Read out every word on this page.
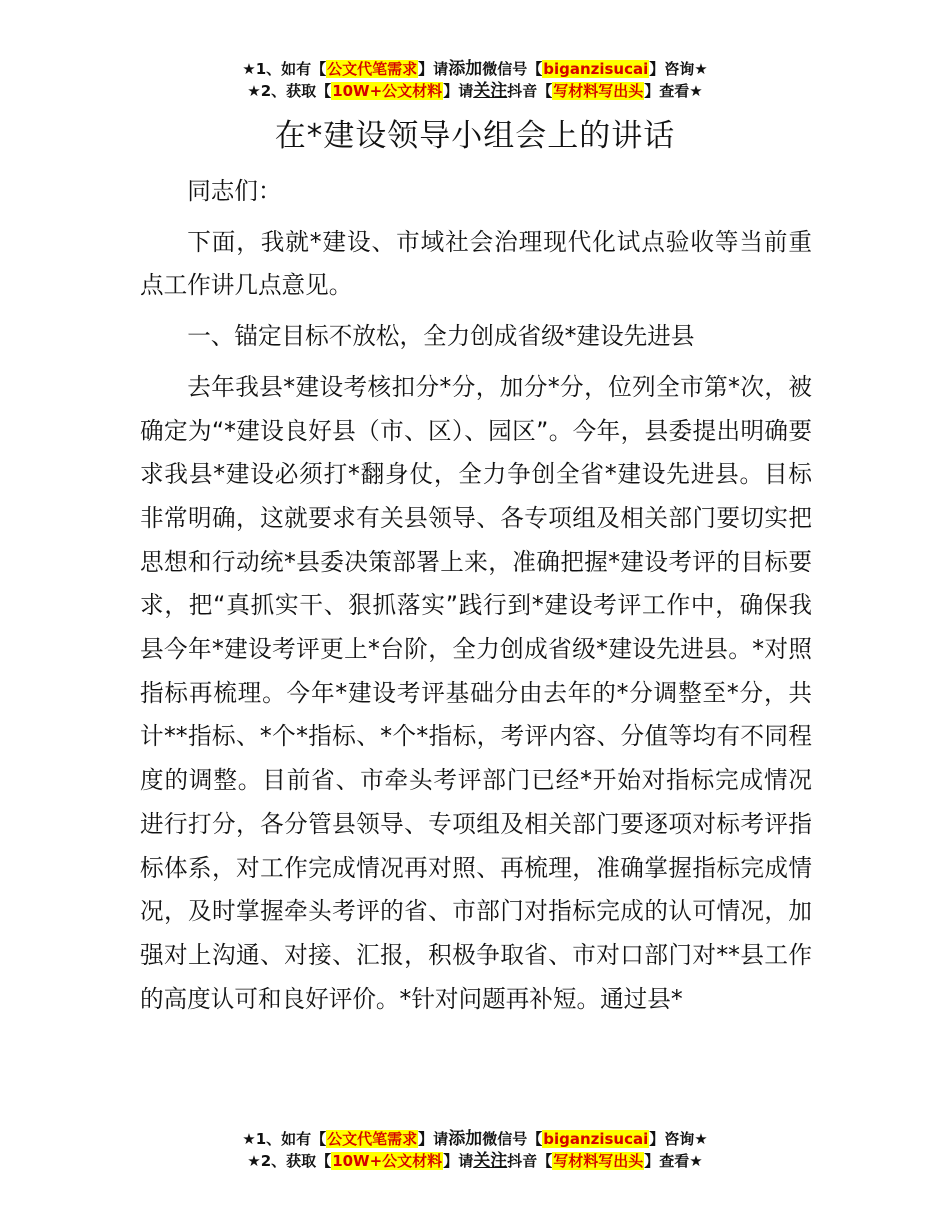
★1、如有【公文代笔需求】请添加微信号【biganzisucai】咨询★
★2、获取【10W+公文材料】请关注抖音【写材料写出头】查看★
在*建设领导小组会上的讲话

同志们：

下面，我就*建设、市域社会治理现代化试点验收等当前重点工作讲几点意见。

一、锚定目标不放松，全力创成省级*建设先进县

去年我县*建设考核扣分*分，加分*分，位列全市第*次，被确定为“*建设良好县（市、区）、园区”。今年，县委提出明确要求我县*建设必须打*翻身仗，全力争创全省*建设先进县。目标非常明确，这就要求有关县领导、各专项组及相关部门要切实把思想和行动统*县委决策部署上来，准确把握*建设考评的目标要求，把“真抓实干、狠抓落实”践行到*建设考评工作中，确保我县今年*建设考评更上*台阶，全力创成省级*建设先进县。*对照指标再梳理。今年*建设考评基础分由去年的*分调整至*分，共计**指标、*个*指标、*个*指标，考评内容、分值等均有不同程度的调整。目前省、市牵头考评部门已经*开始对指标完成情况进行打分，各分管县领导、专项组及相关部门要逐项对标考评指标体系，对工作完成情况再对照、再梳理，准确掌握指标完成情况，及时掌握牵头考评的省、市部门对指标完成的认可情况，加强对上沟通、对接、汇报，积极争取省、市对口部门对**县工作的高度认可和良好评价。*针对问题再补短。通过县*

★1、如有【公文代笔需求】请添加微信号【biganzisucai】咨询★
★2、获取【10W+公文材料】请关注抖音【写材料写出头】查看★
